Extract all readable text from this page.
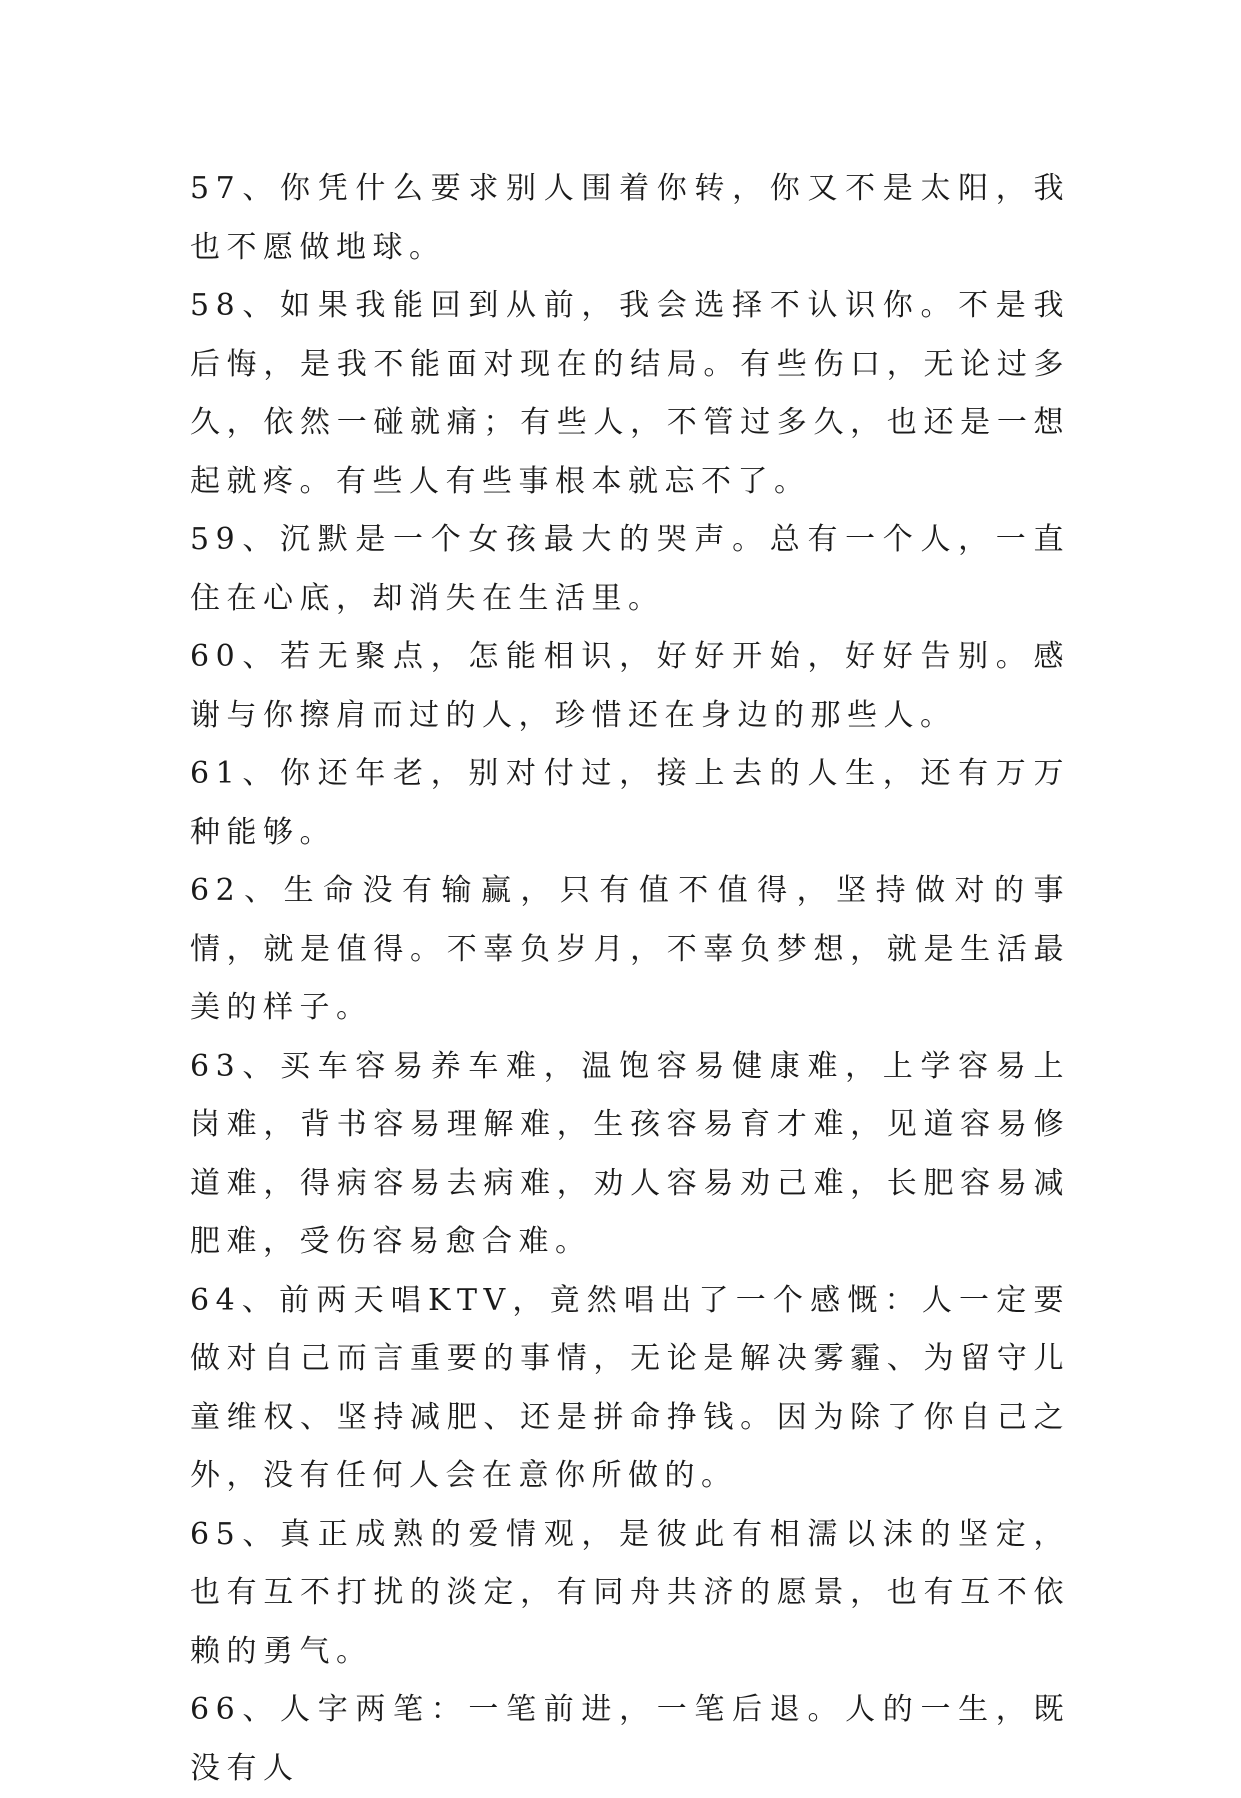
57、你凭什么要求别人围着你转，你又不是太阳，我也不愿做地球。

58、如果我能回到从前，我会选择不认识你。不是我后悔，是我不能面对现在的结局。有些伤口，无论过多久，依然一碰就痛；有些人，不管过多久，也还是一想起就疼。有些人有些事根本就忘不了。

59、沉默是一个女孩最大的哭声。总有一个人，一直住在心底，却消失在生活里。

60、若无聚点，怎能相识，好好开始，好好告别。感谢与你擦肩而过的人，珍惜还在身边的那些人。

61、你还年老，别对付过，接上去的人生，还有万万种能够。

62、生命没有输赢，只有值不值得，坚持做对的事情，就是值得。不辜负岁月，不辜负梦想，就是生活最美的样子。

63、买车容易养车难，温饱容易健康难，上学容易上岗难，背书容易理解难，生孩容易育才难，见道容易修道难，得病容易去病难，劝人容易劝己难，长肥容易减肥难，受伤容易愈合难。

64、前两天唱KTV，竟然唱出了一个感慨：人一定要做对自己而言重要的事情，无论是解决雾霾、为留守儿童维权、坚持减肥、还是拼命挣钱。因为除了你自己之外，没有任何人会在意你所做的。

65、真正成熟的爱情观，是彼此有相濡以沫的坚定，也有互不打扰的淡定，有同舟共济的愿景，也有互不依赖的勇气。

66、人字两笔：一笔前进，一笔后退。人的一生，既没有人
